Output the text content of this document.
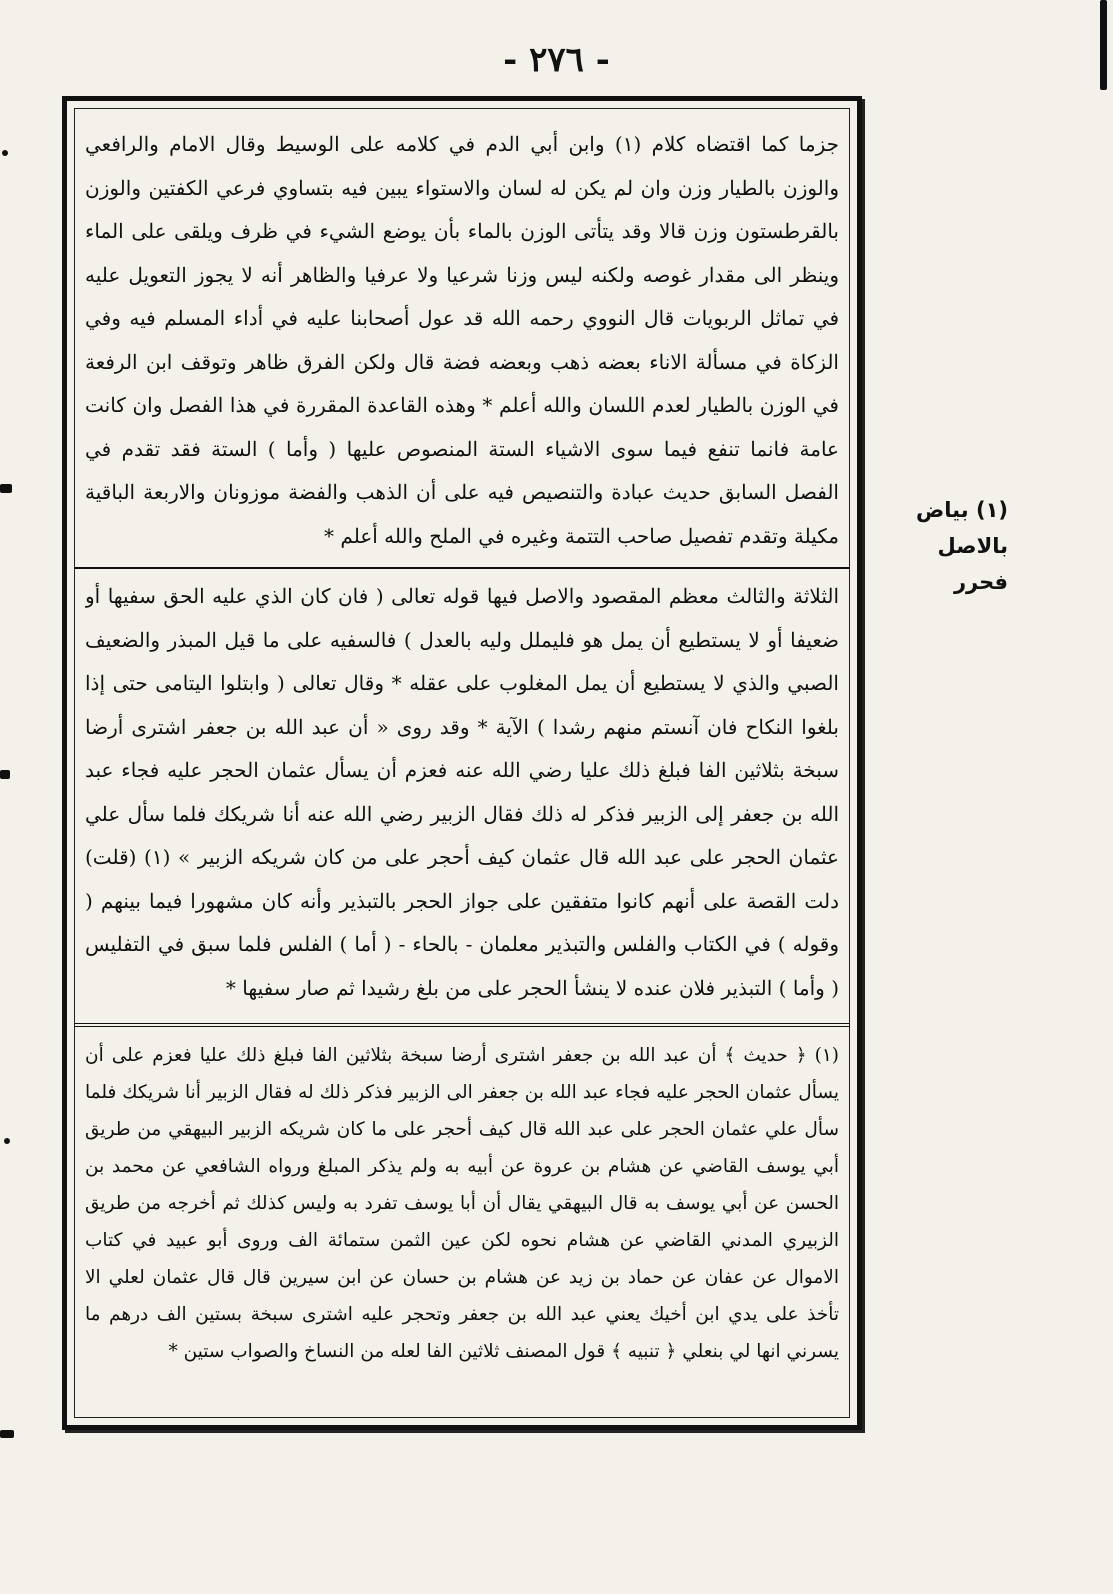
- ٢٧٦ -

جزما كما اقتضاه كلام (١) وابن أبي الدم في كلامه على الوسيط وقال الامام والرافعي والوزن بالطيار وزن وان لم يكن له لسان والاستواء يبين فيه بتساوي فرعي الكفتين والوزن بالقرطستون وزن قالا وقد يتأتى الوزن بالماء بأن يوضع الشيء في ظرف ويلقى على الماء وينظر الى مقدار غوصه ولكنه ليس وزنا شرعيا ولا عرفيا والظاهر أنه لا يجوز التعويل عليه في تماثل الربويات قال النووي رحمه الله قد عول أصحابنا عليه في أداء المسلم فيه وفي الزكاة في مسألة الاناء بعضه ذهب وبعضه فضة قال ولكن الفرق ظاهر وتوقف ابن الرفعة في الوزن بالطيار لعدم اللسان والله أعلم * وهذه القاعدة المقررة في هذا الفصل وان كانت عامة فانما تنفع فيما سوى الاشياء الستة المنصوص عليها ( وأما ) الستة فقد تقدم في الفصل السابق حديث عبادة والتنصيص فيه على أن الذهب والفضة موزونان والاربعة الباقية مكيلة وتقدم تفصيل صاحب التتمة وغيره في الملح والله أعلم *

الثلاثة والثالث معظم المقصود والاصل فيها قوله تعالى ( فان كان الذي عليه الحق سفيها أو ضعيفا أو لا يستطيع أن يمل هو فليملل وليه بالعدل ) فالسفيه على ما قيل المبذر والضعيف الصبي والذي لا يستطيع أن يمل المغلوب على عقله * وقال تعالى ( وابتلوا اليتامى حتى إذا بلغوا النكاح فان آنستم منهم رشدا ) الآية * وقد روى « أن عبد الله بن جعفر اشترى أرضا سبخة بثلاثين الفا فبلغ ذلك عليا رضي الله عنه فعزم أن يسأل عثمان الحجر عليه فجاء عبد الله بن جعفر إلى الزبير فذكر له ذلك فقال الزبير رضي الله عنه أنا شريكك فلما سأل علي عثمان الحجر على عبد الله قال عثمان كيف أحجر على من كان شريكه الزبير » (١) (قلت) دلت القصة على أنهم كانوا متفقين على جواز الحجر بالتبذير وأنه كان مشهورا فيما بينهم ( وقوله ) في الكتاب والفلس والتبذير معلمان - بالحاء - ( أما ) الفلس فلما سبق في التفليس ( وأما ) التبذير فلان عنده لا ينشأ الحجر على من بلغ رشيدا ثم صار سفيها *

(١) ﴿ حديث ﴾ أن عبد الله بن جعفر اشترى أرضا سبخة بثلاثين الفا فبلغ ذلك عليا فعزم على أن يسأل عثمان الحجر عليه فجاء عبد الله بن جعفر الى الزبير فذكر ذلك له فقال الزبير أنا شريكك فلما سأل علي عثمان الحجر على عبد الله قال كيف أحجر على ما كان شريكه الزبير البيهقي من طريق أبي يوسف القاضي عن هشام بن عروة عن أبيه به ولم يذكر المبلغ ورواه الشافعي عن محمد بن الحسن عن أبي يوسف به قال البيهقي يقال أن أبا يوسف تفرد به وليس كذلك ثم أخرجه من طريق الزبيري المدني القاضي عن هشام نحوه لكن عين الثمن ستمائة الف وروى أبو عبيد في كتاب الاموال عن عفان عن حماد بن زيد عن هشام بن حسان عن ابن سيرين قال قال عثمان لعلي الا تأخذ على يدي ابن أخيك يعني عبد الله بن جعفر وتحجر عليه اشترى سبخة بستين الف درهم ما يسرني انها لي بنعلي ﴿ تنبيه ﴾ قول المصنف ثلاثين الفا لعله من النساخ والصواب ستين *

(١) بياض
بالاصل فحرر
